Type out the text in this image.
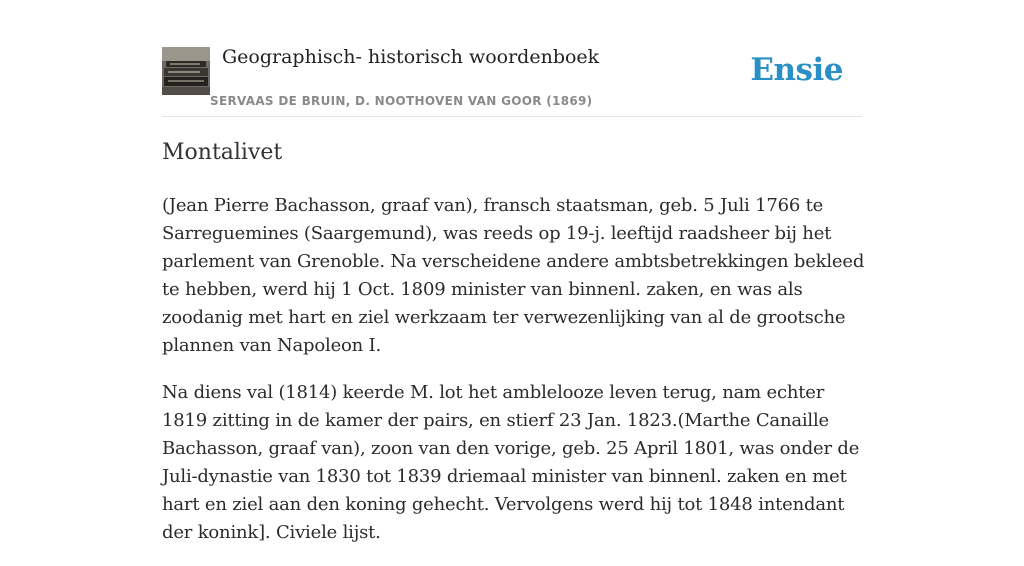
Geographisch- historisch woordenboek
SERVAAS DE BRUIN, D. NOOTHOVEN VAN GOOR (1869)
Ensie
Montalivet

(Jean Pierre Bachasson, graaf van), fransch staatsman, geb. 5 Juli 1766 te Sarreguemines (Saargemund), was reeds op 19-j. leeftijd raadsheer bij het parlement van Grenoble. Na verscheidene andere ambtsbetrekkingen bekleed te hebben, werd hij 1 Oct. 1809 minister van binnenl. zaken, en was als zoodanig met hart en ziel werkzaam ter verwezenlijking van al de grootsche plannen van Napoleon I.

Na diens val (1814) keerde M. lot het amblelooze leven terug, nam echter 1819 zitting in de kamer der pairs, en stierf 23 Jan. 1823.(Marthe Canaille Bachasson, graaf van), zoon van den vorige, geb. 25 April 1801, was onder de Juli-dynastie van 1830 tot 1839 driemaal minister van binnenl. zaken en met hart en ziel aan den koning gehecht. Vervolgens werd hij tot 1848 intendant der konink]. Civiele lijst.
